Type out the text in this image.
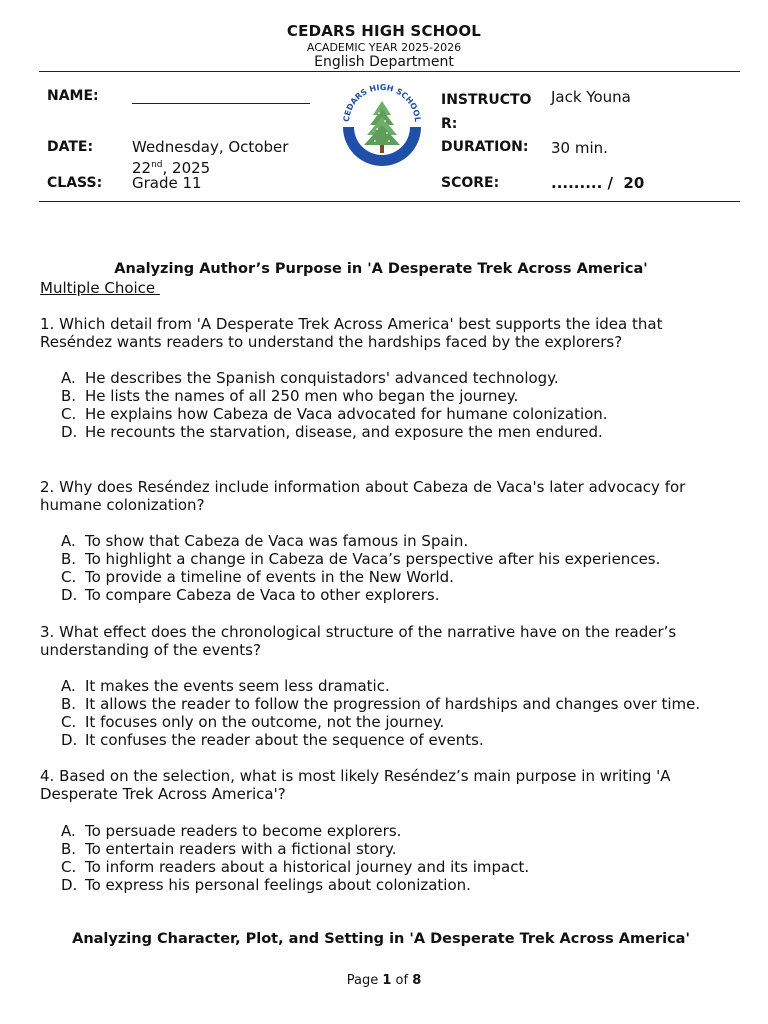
CEDARS HIGH SCHOOL
ACADEMIC YEAR 2025-2026
English Department
NAME:
DATE:	Wednesday, October
22nd, 2025
CLASS: Grade 11
CEDARS HIGH SCHOOL
INSTRUCTO
R:
Jack Youna
DURATION: 30 min.
SCORE:	......... /  20
Analyzing Author’s Purpose in 'A Desperate Trek Across America'
Multiple Choice
1. Which detail from 'A Desperate Trek Across America' best supports the idea that Reséndez wants readers to understand the hardships faced by the explorers?
A. He describes the Spanish conquistadors' advanced technology.
B. He lists the names of all 250 men who began the journey.
C. He explains how Cabeza de Vaca advocated for humane colonization.
D. He recounts the starvation, disease, and exposure the men endured.
2. Why does Reséndez include information about Cabeza de Vaca's later advocacy for humane colonization?
A. To show that Cabeza de Vaca was famous in Spain.
B. To highlight a change in Cabeza de Vaca’s perspective after his experiences.
C. To provide a timeline of events in the New World.
D. To compare Cabeza de Vaca to other explorers.
3. What effect does the chronological structure of the narrative have on the reader’s understanding of the events?
A. It makes the events seem less dramatic.
B. It allows the reader to follow the progression of hardships and changes over time.
C. It focuses only on the outcome, not the journey.
D. It confuses the reader about the sequence of events.
4. Based on the selection, what is most likely Reséndez’s main purpose in writing 'A Desperate Trek Across America'?
A. To persuade readers to become explorers.
B. To entertain readers with a fictional story.
C. To inform readers about a historical journey and its impact.
D. To express his personal feelings about colonization.
Analyzing Character, Plot, and Setting in 'A Desperate Trek Across America'
Page 1 of 8
